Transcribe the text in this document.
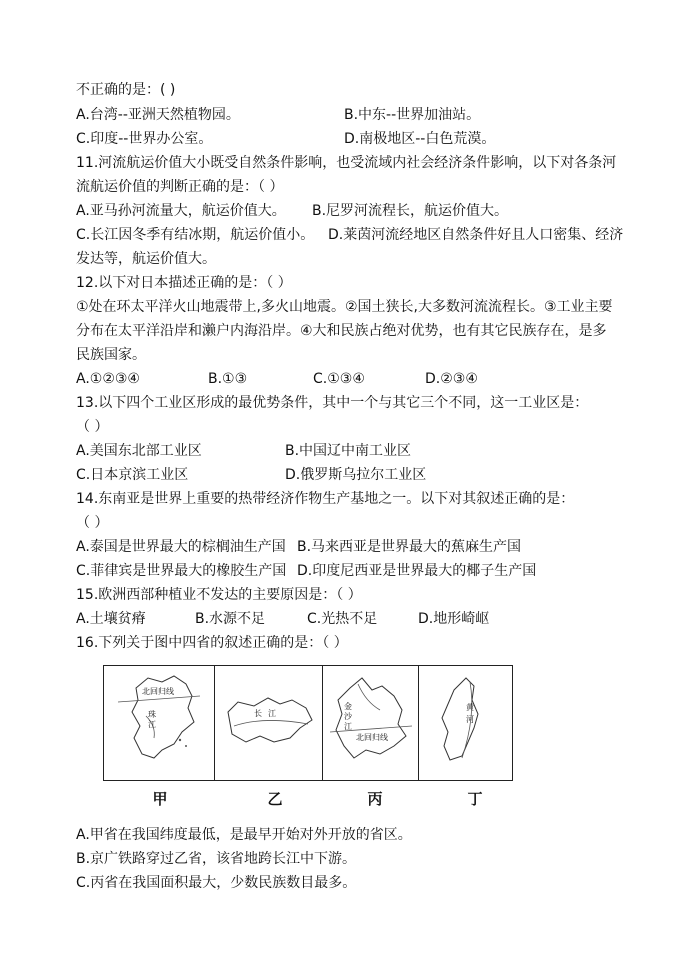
不正确的是：( )
A.台湾--亚洲天然植物园。	B.中东--世界加油站。
C.印度--世界办公室。	D.南极地区--白色荒漠。
11.河流航运价值大小既受自然条件影响，也受流域内社会经济条件影响，以下对各条河
流航运价值的判断正确的是：（ ）
A.亚马孙河流量大，航运价值大。 B.尼罗河流程长，航运价值大。
C.长江因冬季有结冰期，航运价值小。 D.莱茵河流经地区自然条件好且人口密集、经济
发达等，航运价值大。
12.以下对日本描述正确的是：（ ）
①处在环太平洋火山地震带上,多火山地震。②国土狭长,大多数河流流程长。③工业主要
分布在太平洋沿岸和濑户内海沿岸。④大和民族占绝对优势，也有其它民族存在，是多
民族国家。
A.①②③④	B.①③	C.①③④	D.②③④
13.以下四个工业区形成的最优势条件，其中一个与其它三个不同，这一工业区是：
（ ）
A.美国东北部工业区	B.中国辽中南工业区
C.日本京滨工业区	D.俄罗斯乌拉尔工业区
14.东南亚是世界上重要的热带经济作物生产基地之一。以下对其叙述正确的是：
（ ）
A.泰国是世界最大的棕榈油生产国 B.马来西亚是世界最大的蕉麻生产国
C.菲律宾是世界最大的橡胶生产国 D.印度尼西亚是世界最大的椰子生产国
15.欧洲西部种植业不发达的主要原因是：（ ）
A.土壤贫瘠	B.水源不足	C.光热不足	D.地形崎岖
16.下列关于图中四省的叙述正确的是：（ ）
北回归线
珠江
长江
金沙江
北回归线
黄河
甲	乙	丙	丁
A.甲省在我国纬度最低，是最早开始对外开放的省区。
B.京广铁路穿过乙省，该省地跨长江中下游。
C.丙省在我国面积最大，少数民族数目最多。
